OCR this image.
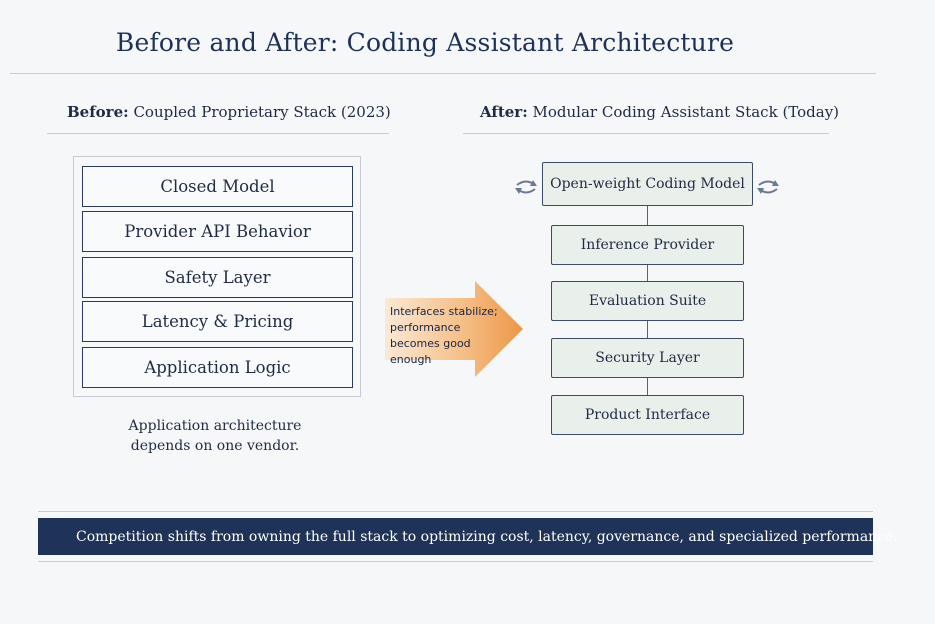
Before and After: Coding Assistant Architecture
Before: Coupled Proprietary Stack (2023)
Closed Model
Provider API Behavior
Safety Layer
Latency & Pricing
Application Logic
Application architecture depends on one vendor.
Interfaces stabilize; performance becomes good enough
After: Modular Coding Assistant Stack (Today)
Open-weight Coding Model
Inference Provider
Evaluation Suite
Security Layer
Product Interface
Competition shifts from owning the full stack to optimizing cost, latency, governance, and specialized performance.
